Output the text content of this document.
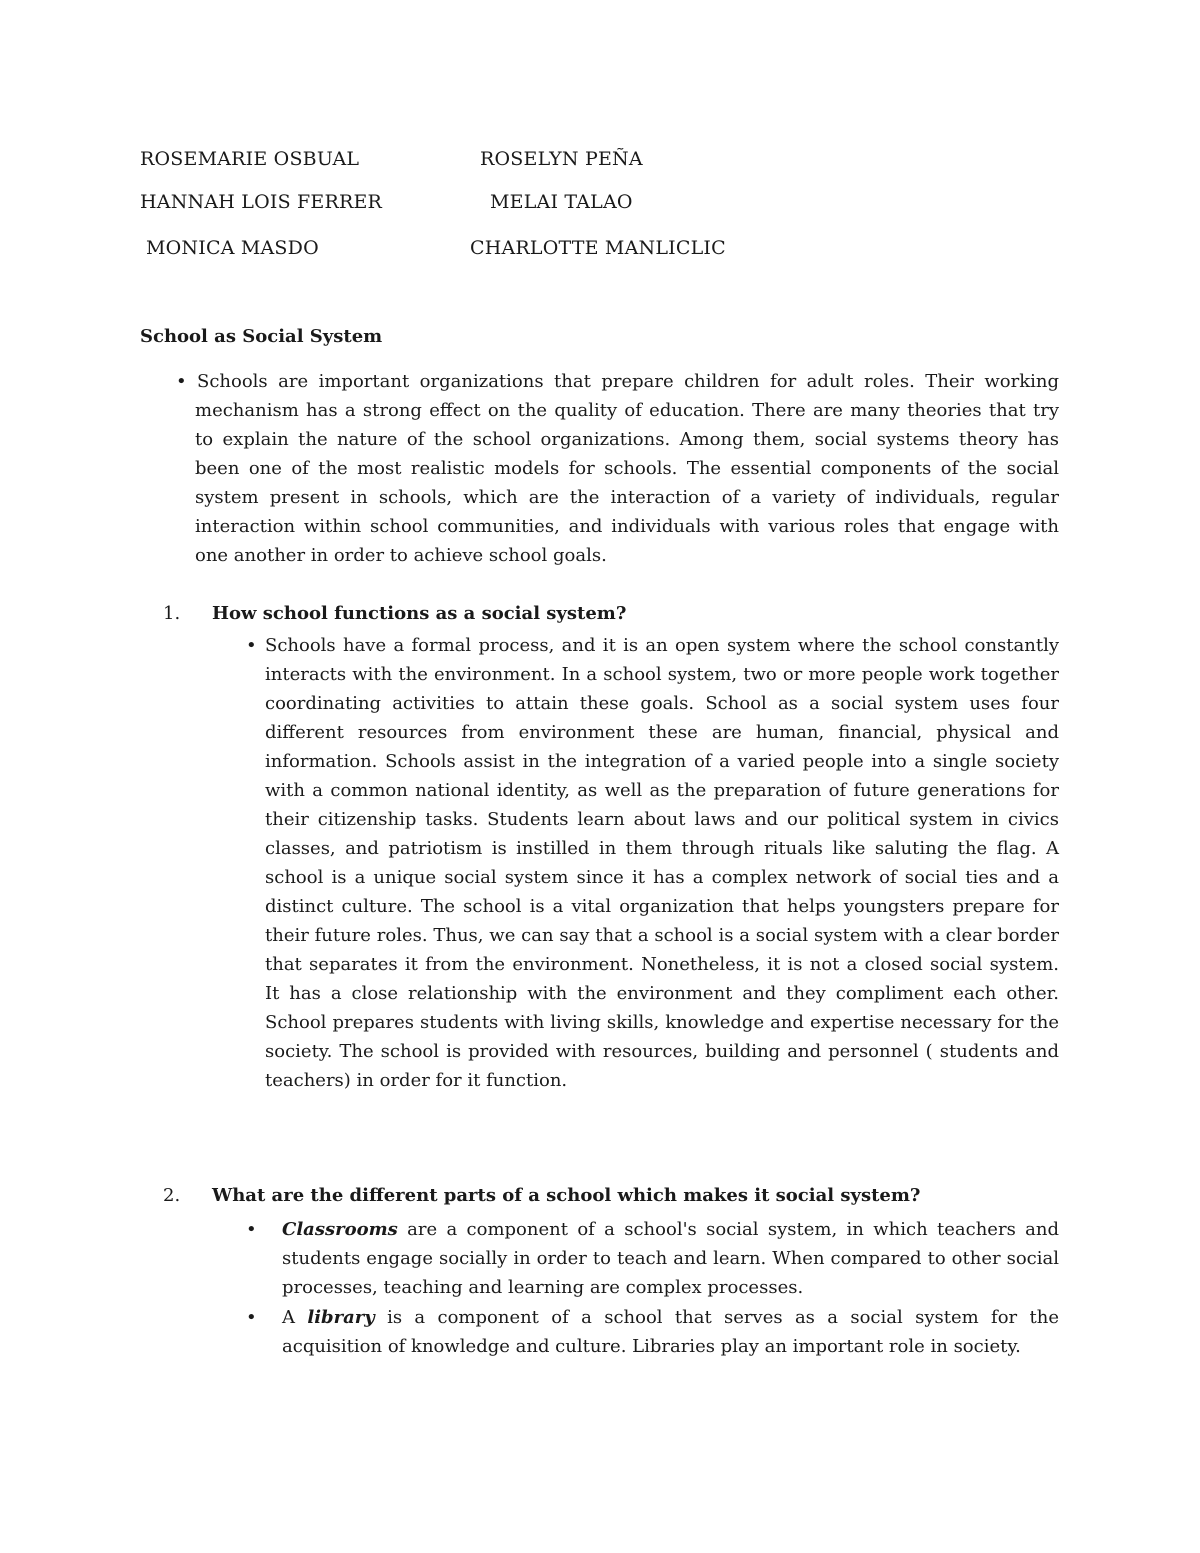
ROSEMARIE OSBUAL	ROSELYN PEÑA
HANNAH LOIS FERRER	MELAI TALAO
MONICA MASDO	CHARLOTTE MANLICLIC
School as Social System
• Schools are important organizations that prepare children for adult roles. Their working mechanism has a strong effect on the quality of education. There are many theories that try to explain the nature of the school organizations. Among them, social systems theory has been one of the most realistic models for schools. The essential components of the social system present in schools, which are the interaction of a variety of individuals, regular interaction within school communities, and individuals with various roles that engage with one another in order to achieve school goals.
1. How school functions as a social system?
• Schools have a formal process, and it is an open system where the school constantly interacts with the environment. In a school system, two or more people work together coordinating activities to attain these goals. School as a social system uses four different resources from environment these are human, financial, physical and information. Schools assist in the integration of a varied people into a single society with a common national identity, as well as the preparation of future generations for their citizenship tasks. Students learn about laws and our political system in civics classes, and patriotism is instilled in them through rituals like saluting the flag. A school is a unique social system since it has a complex network of social ties and a distinct culture. The school is a vital organization that helps youngsters prepare for their future roles. Thus, we can say that a school is a social system with a clear border that separates it from the environment. Nonetheless, it is not a closed social system. It has a close relationship with the environment and they compliment each other. School prepares students with living skills, knowledge and expertise necessary for the society. The school is provided with resources, building and personnel ( students and teachers) in order for it function.
2. What are the different parts of a school which makes it social system?
• Classrooms are a component of a school's social system, in which teachers and students engage socially in order to teach and learn. When compared to other social processes, teaching and learning are complex processes.
• A library is a component of a school that serves as a social system for the acquisition of knowledge and culture. Libraries play an important role in society.
